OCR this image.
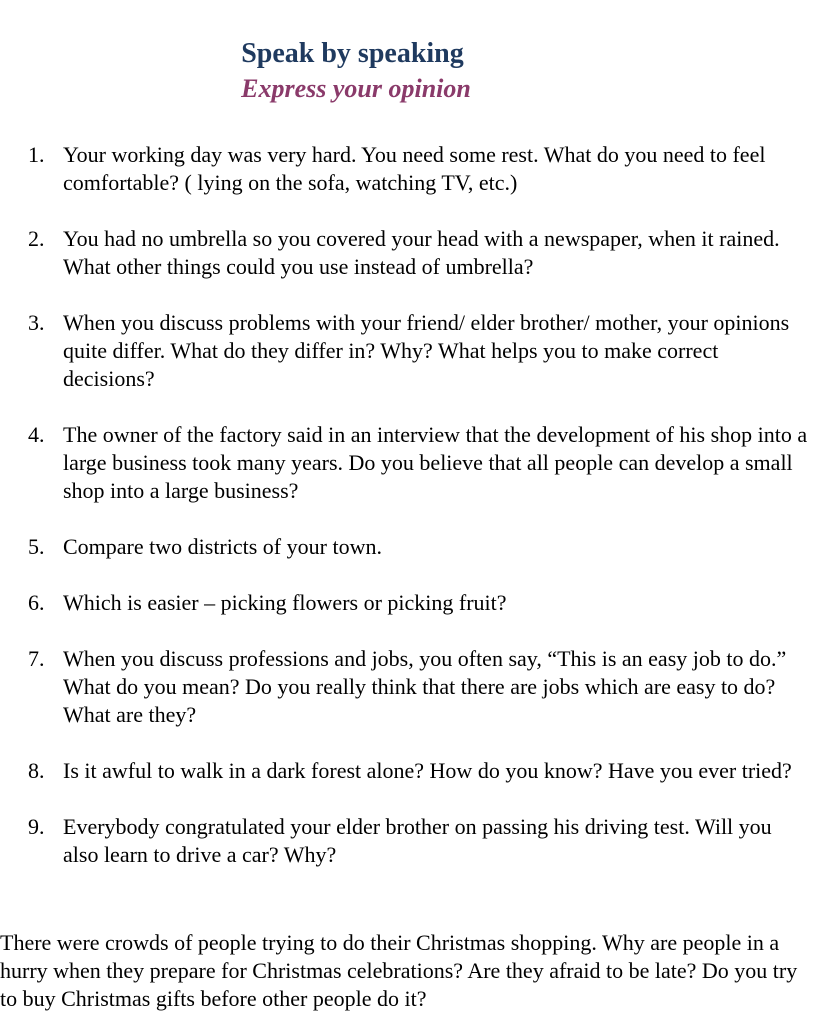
Speak by speaking
Express your opinion
1. Your working day was very hard. You need some rest. What do you need to feel comfortable? ( lying on the sofa, watching TV, etc.)
2. You had no umbrella so you covered your head with a newspaper, when it rained. What other things could you use instead of umbrella?
3. When you discuss problems with your friend/ elder brother/ mother, your opinions quite differ. What do they differ in? Why? What helps you to make correct decisions?
4. The owner of the factory said in an interview that the development of his shop into a large business took many years. Do you believe that all people can develop a small shop into a large business?
5. Compare two districts of your town.
6. Which is easier – picking flowers or picking fruit?
7. When you discuss professions and jobs, you often say, “This is an easy job to do.” What do you mean? Do you really think that there are jobs which are easy to do? What are they?
8. Is it awful to walk in a dark forest alone? How do you know? Have you ever tried?
9. Everybody congratulated your elder brother on passing his driving test. Will you also learn to drive a car? Why?

There were crowds of people trying to do their Christmas shopping. Why are people in a hurry when they prepare for Christmas celebrations? Are they afraid to be late? Do you try to buy Christmas gifts before other people do it?
